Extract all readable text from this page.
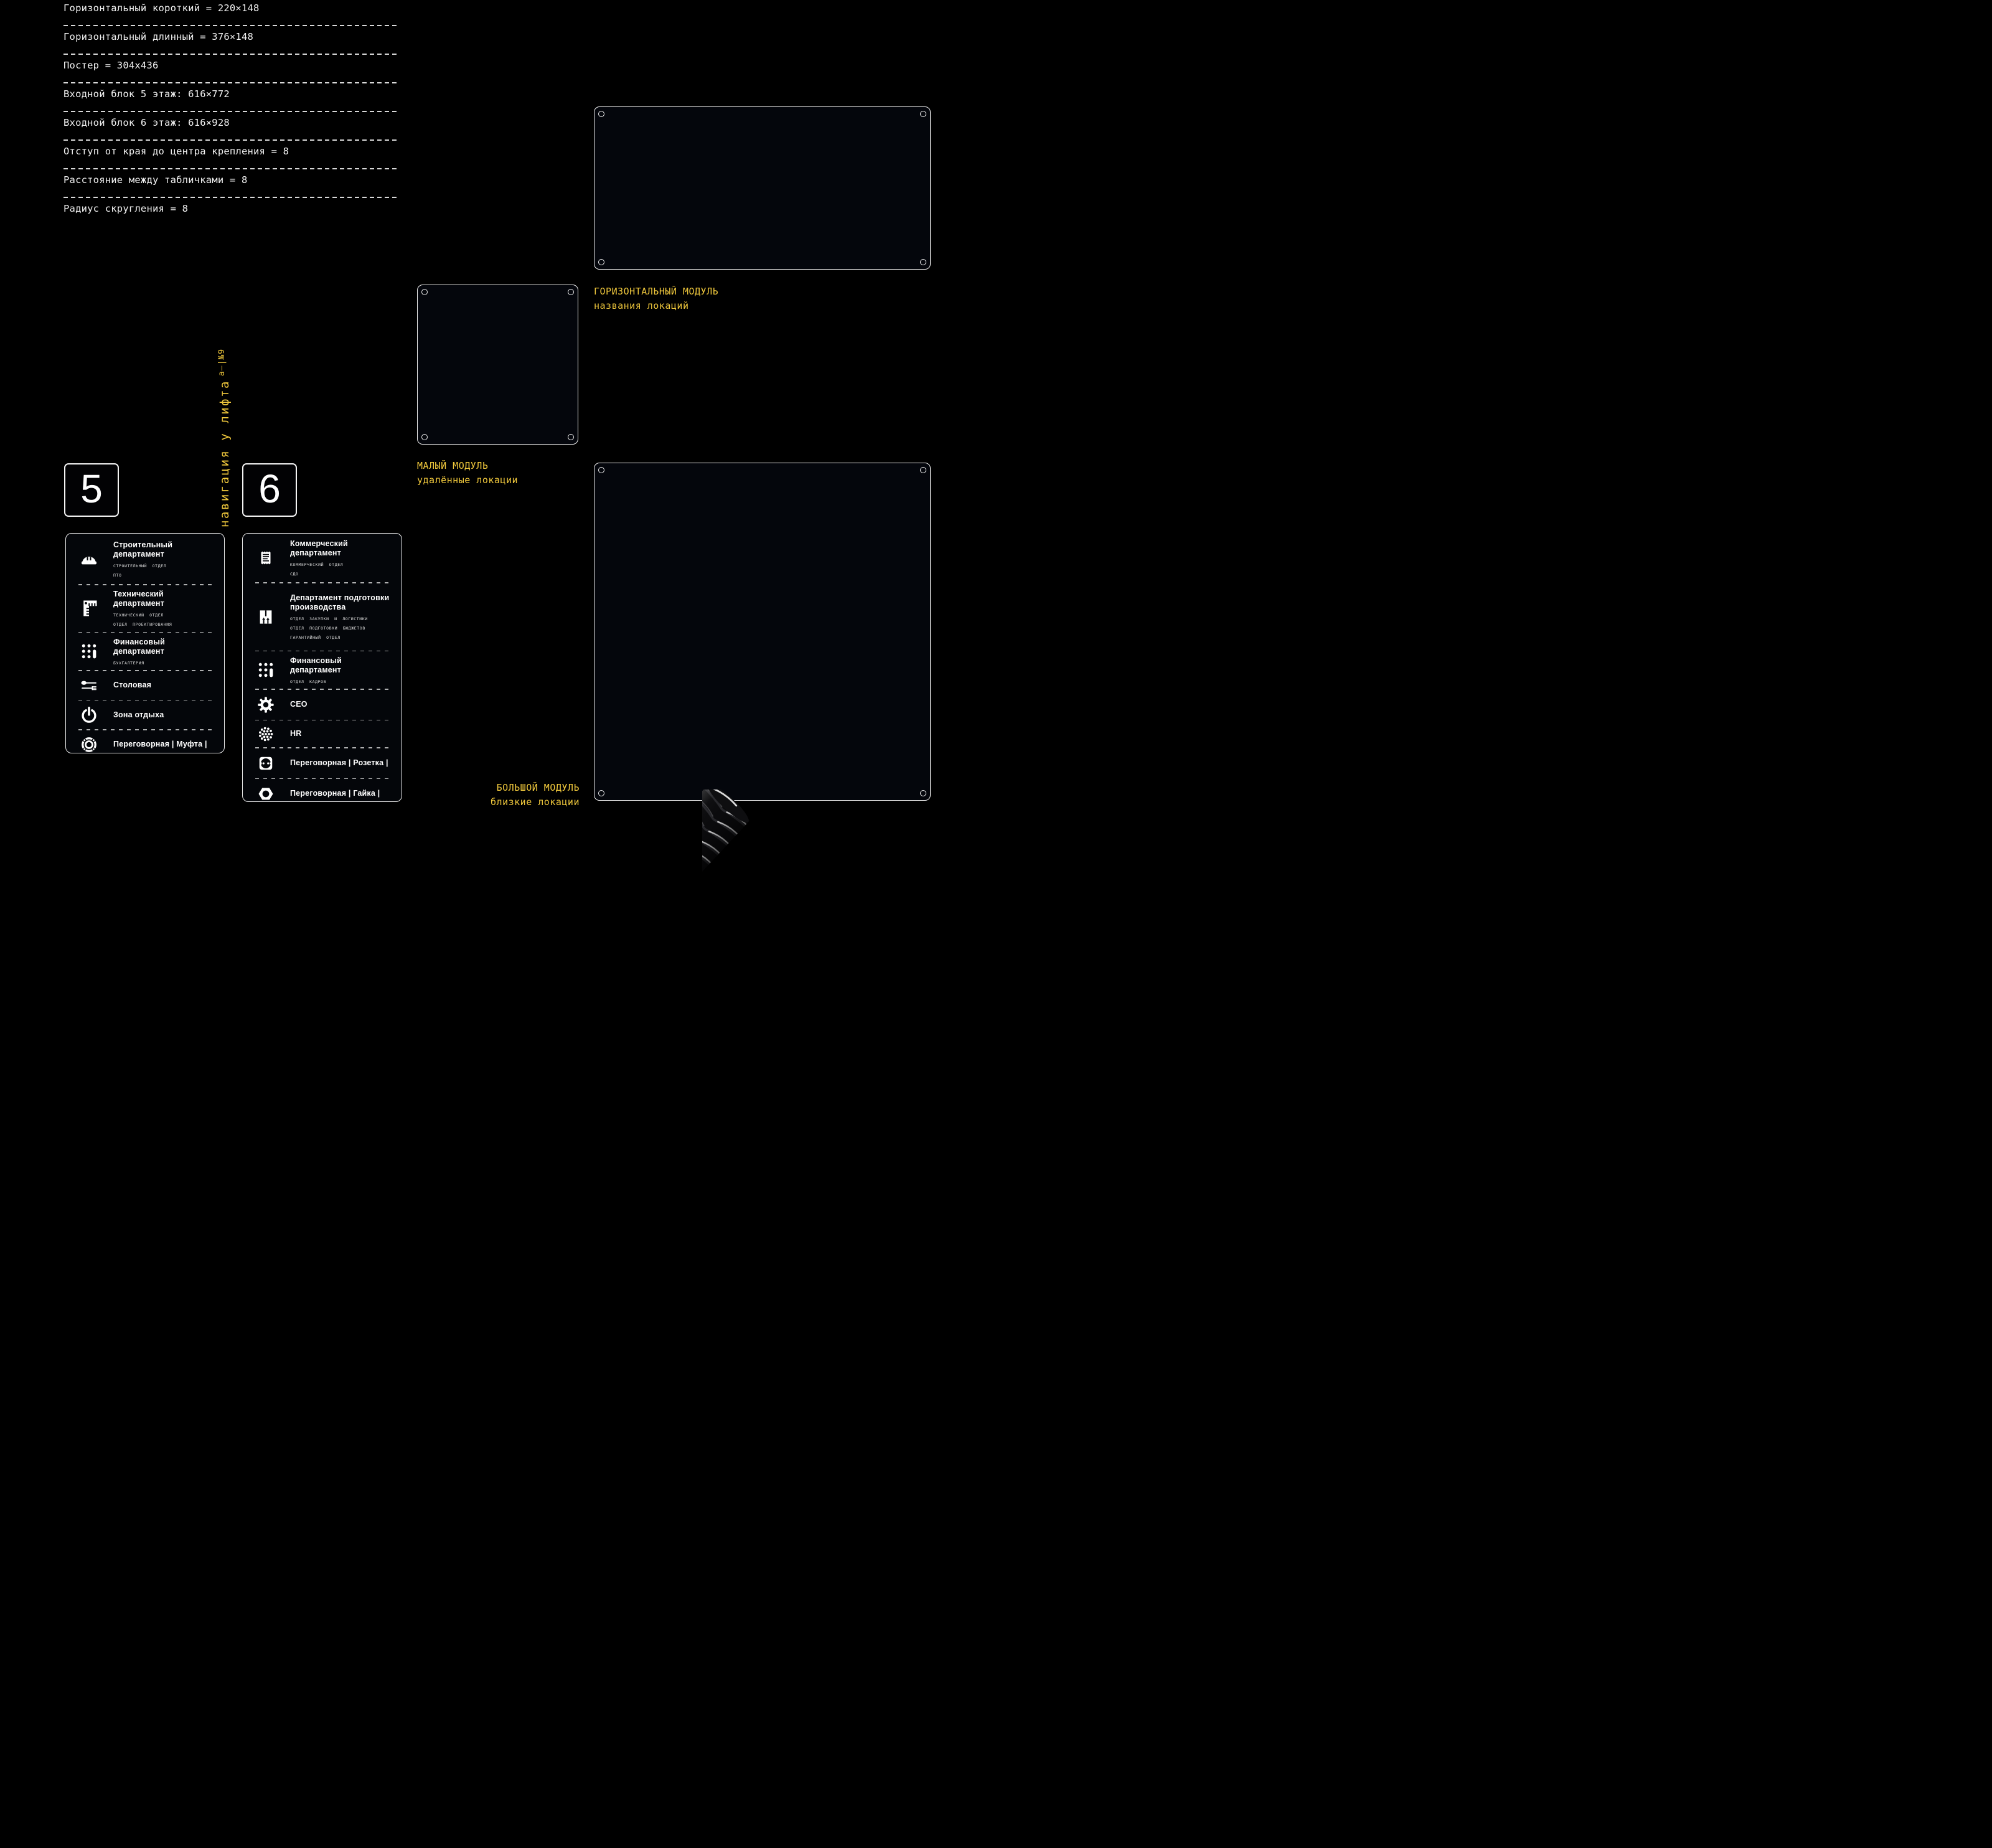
Горизонтальный короткий = 220×148
Горизонтальный длинный = 376×148
Постер = 304x436
Входной блок 5 этаж: 616×772
Входной блок 6 этаж: 616×928
Отступ от края до центра крепления = 8
Расстояние между табличками = 8
Радиус скругления = 8
навигация у лифта$^{а-|№9}$
5	6
Строительный департамент
СТРОИТЕЛЬНЫЙ ОТДЕЛ
ПТО
Технический департамент
ТЕХНИЧЕСКИЙ ОТДЕЛ
ОТДЕЛ ПРОЕКТИРОВАНИЯ
Финансовый департамент
БУХГАЛТЕРИЯ
Столовая
Зона отдыха
Переговорная | Муфта |
Коммерческий департамент
КОММЕРЧЕСКИЙ ОТДЕЛ
СДО
Департамент подготовки производства
ОТДЕЛ ЗАКУПКИ И ЛОГИСТИКИ
ОТДЕЛ ПОДГОТОВКИ БЮДЖЕТОВ
ГАРАНТИЙНЫЙ ОТДЕЛ
Финансовый департамент
ОТДЕЛ КАДРОВ
CEO
HR
Переговорная | Розетка |
Переговорная | Гайка |
ГОРИЗОНТАЛЬНЫЙ МОДУЛЬ
названия локаций
МАЛЫЙ МОДУЛЬ
удалённые локации
БОЛЬШОЙ МОДУЛЬ
близкие локации
